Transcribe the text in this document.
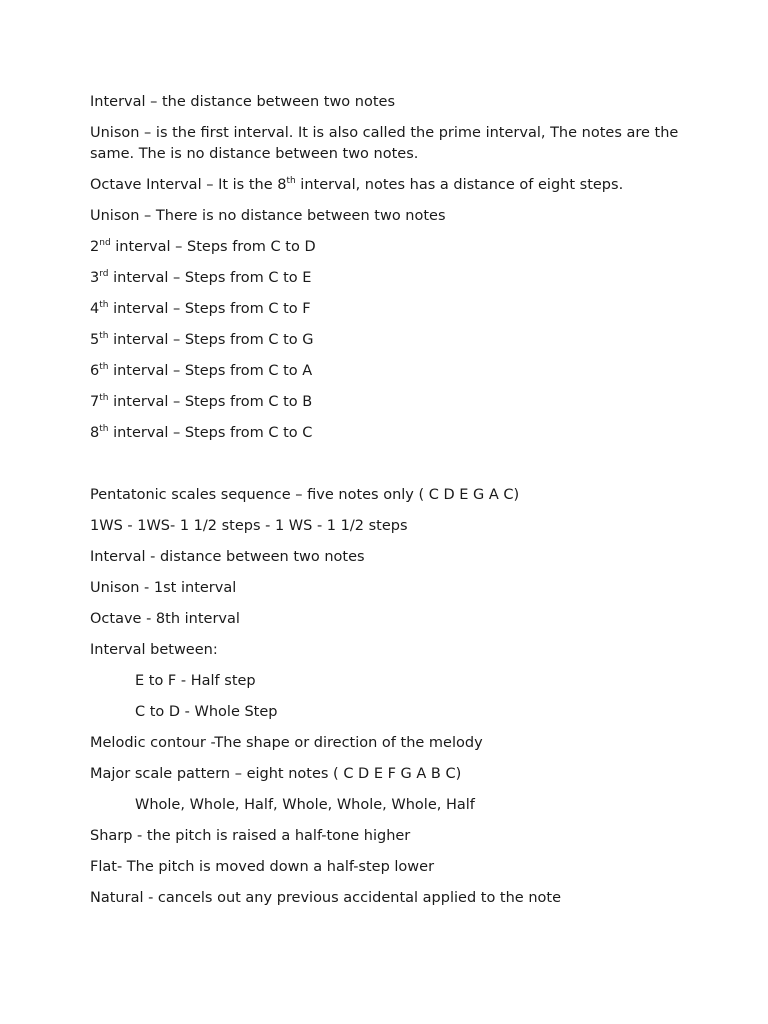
Interval – the distance between two notes

Unison – is the first interval. It is also called the prime interval, The notes are the same. The is no distance between two notes.

Octave Interval – It is the 8th interval, notes has a distance of eight steps.

Unison – There is no distance between two notes

2nd interval – Steps from C to D

3rd interval – Steps from C to E

4th interval – Steps from C to F

5th interval – Steps from C to G

6th interval – Steps from C to A

7th interval – Steps from C to B

8th interval – Steps from C to C

Pentatonic scales sequence – five notes only ( C D E G A C)

1WS - 1WS- 1 1/2 steps - 1 WS - 1 1/2 steps

Interval - distance between two notes

Unison - 1st interval

Octave - 8th interval

Interval between:

E to F - Half step

C to D - Whole Step

Melodic contour -The shape or direction of the melody

Major scale pattern – eight notes ( C D E F G A B C)

Whole, Whole, Half, Whole, Whole, Whole, Half

Sharp - the pitch is raised a half-tone higher

Flat- The pitch is moved down a half-step lower

Natural - cancels out any previous accidental applied to the note
